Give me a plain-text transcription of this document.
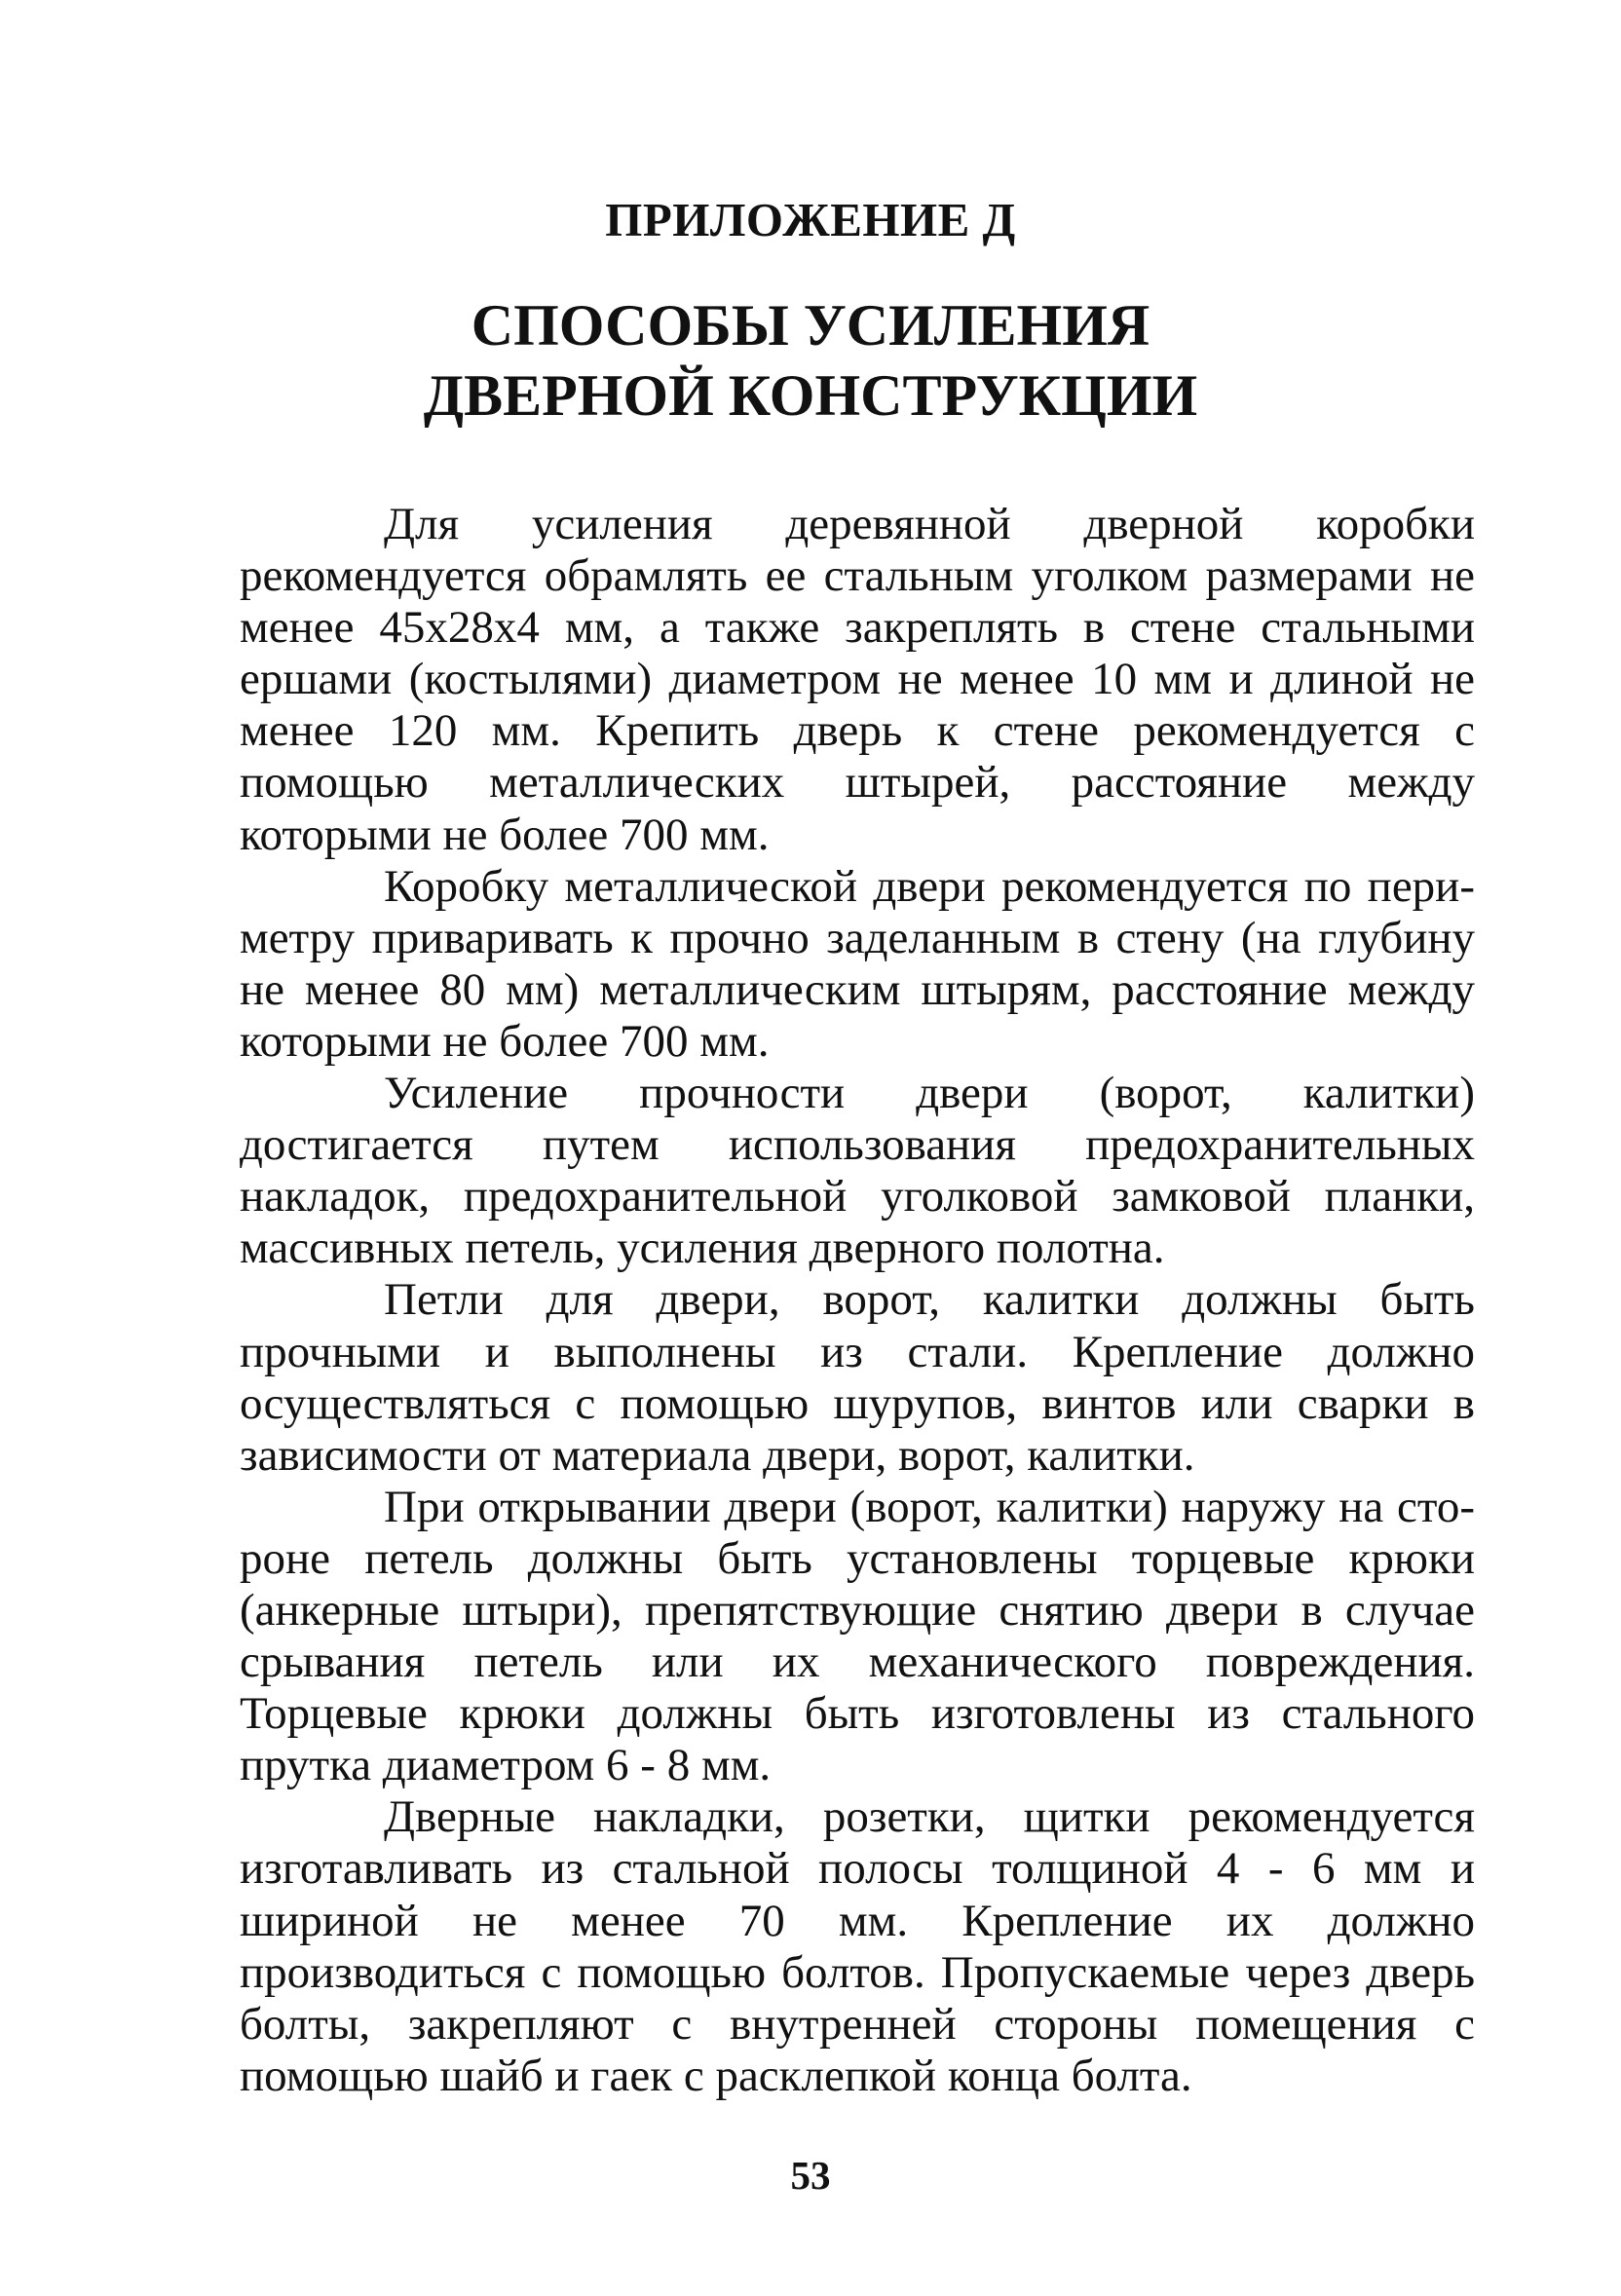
ПРИЛОЖЕНИЕ Д
СПОСОБЫ УСИЛЕНИЯ
ДВЕРНОЙ КОНСТРУКЦИИ

Для усиления деревянной дверной коробки рекомендуется обрамлять ее стальным уголком размерами не менее 45х28х4 мм, а также закреплять в стене стальными ершами (костылями) диаметром не менее 10 мм и длиной не менее 120 мм. Крепить дверь к стене рекомендуется с помощью металлических штырей, расстояние между которыми не более 700 мм.

Коробку металлической двери рекомендуется по периметру приваривать к прочно заделанным в стену (на глубину не менее 80 мм) металлическим штырям, расстояние между которыми не более 700 мм.

Усиление прочности двери (ворот, калитки) достигается путем использования предохранительных накладок, предохранительной уголковой замковой планки, массивных петель, усиления дверного полотна.

Петли для двери, ворот, калитки должны быть прочными и выполнены из стали. Крепление должно осуществляться с помощью шурупов, винтов или сварки в зависимости от материала двери, ворот, калитки.

При открывании двери (ворот, калитки) наружу на стороне петель должны быть установлены торцевые крюки (анкерные штыри), препятствующие снятию двери в случае срывания петель или их механического повреждения. Торцевые крюки должны быть изготовлены из стального прутка диаметром 6 - 8 мм.

Дверные накладки, розетки, щитки рекомендуется изготавливать из стальной полосы толщиной 4 - 6 мм и шириной не менее 70 мм. Крепление их должно производиться с помощью болтов. Пропускаемые через дверь болты, закрепляют с внутренней стороны помещения с помощью шайб и гаек с расклепкой конца болта.

53
